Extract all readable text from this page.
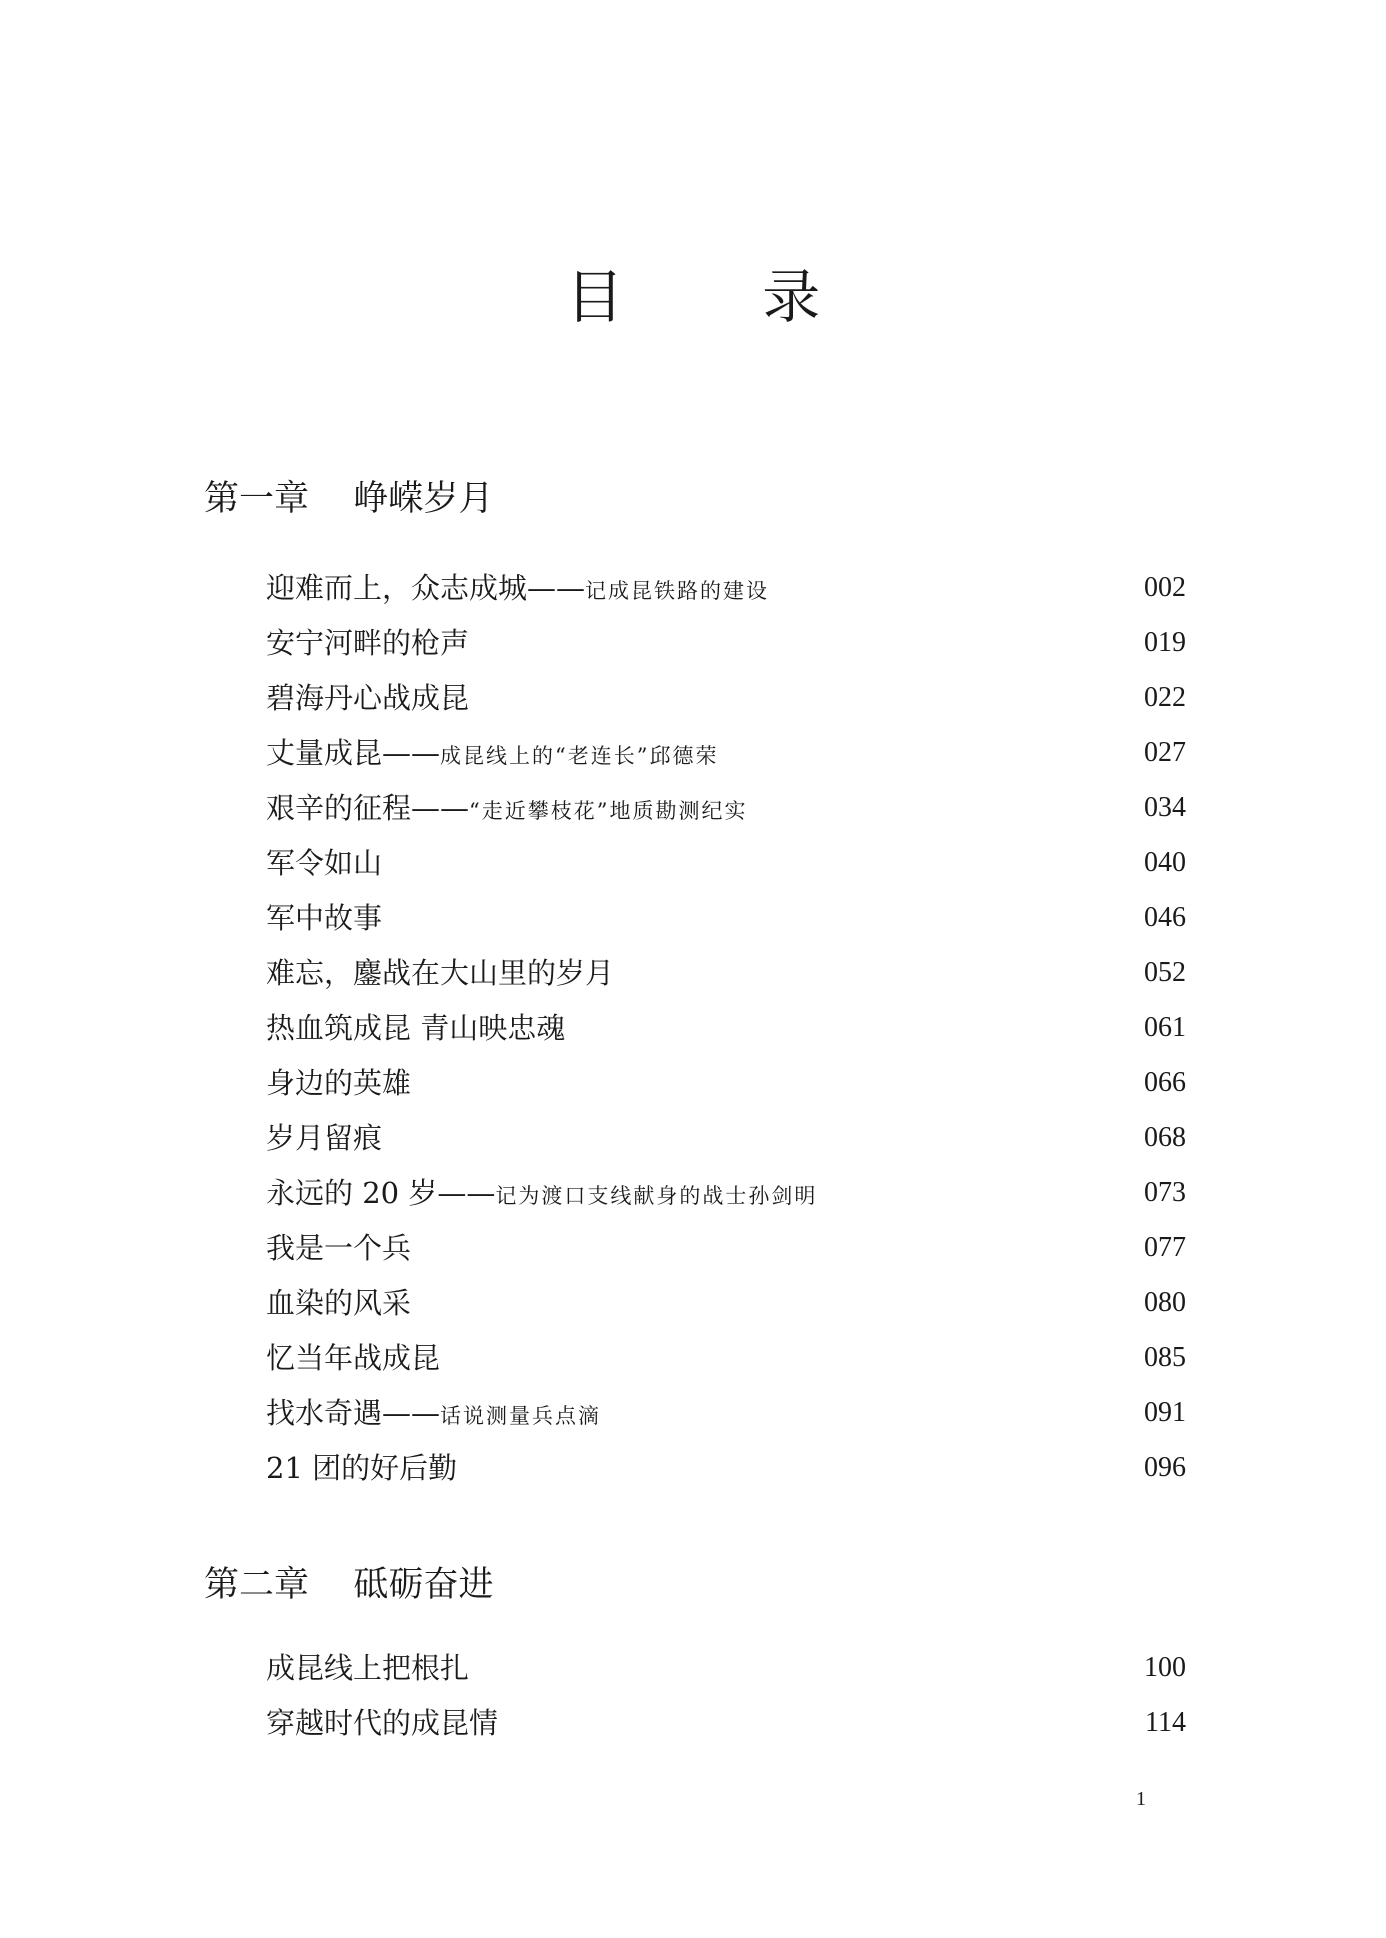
目 录
第一章    峥嵘岁月
迎难而上，众志成城——记成昆铁路的建设	002
安宁河畔的枪声	019
碧海丹心战成昆	022
丈量成昆——成昆线上的“老连长”邱德荣	027
艰辛的征程——“走近攀枝花”地质勘测纪实	034
军令如山	040
军中故事	046
难忘，鏖战在大山里的岁月	052
热血筑成昆 青山映忠魂	061
身边的英雄	066
岁月留痕	068
永远的 20 岁——记为渡口支线献身的战士孙剑明	073
我是一个兵	077
血染的风采	080
忆当年战成昆	085
找水奇遇——话说测量兵点滴	091
21 团的好后勤	096
第二章    砥砺奋进
成昆线上把根扎	100
穿越时代的成昆情	114
1
